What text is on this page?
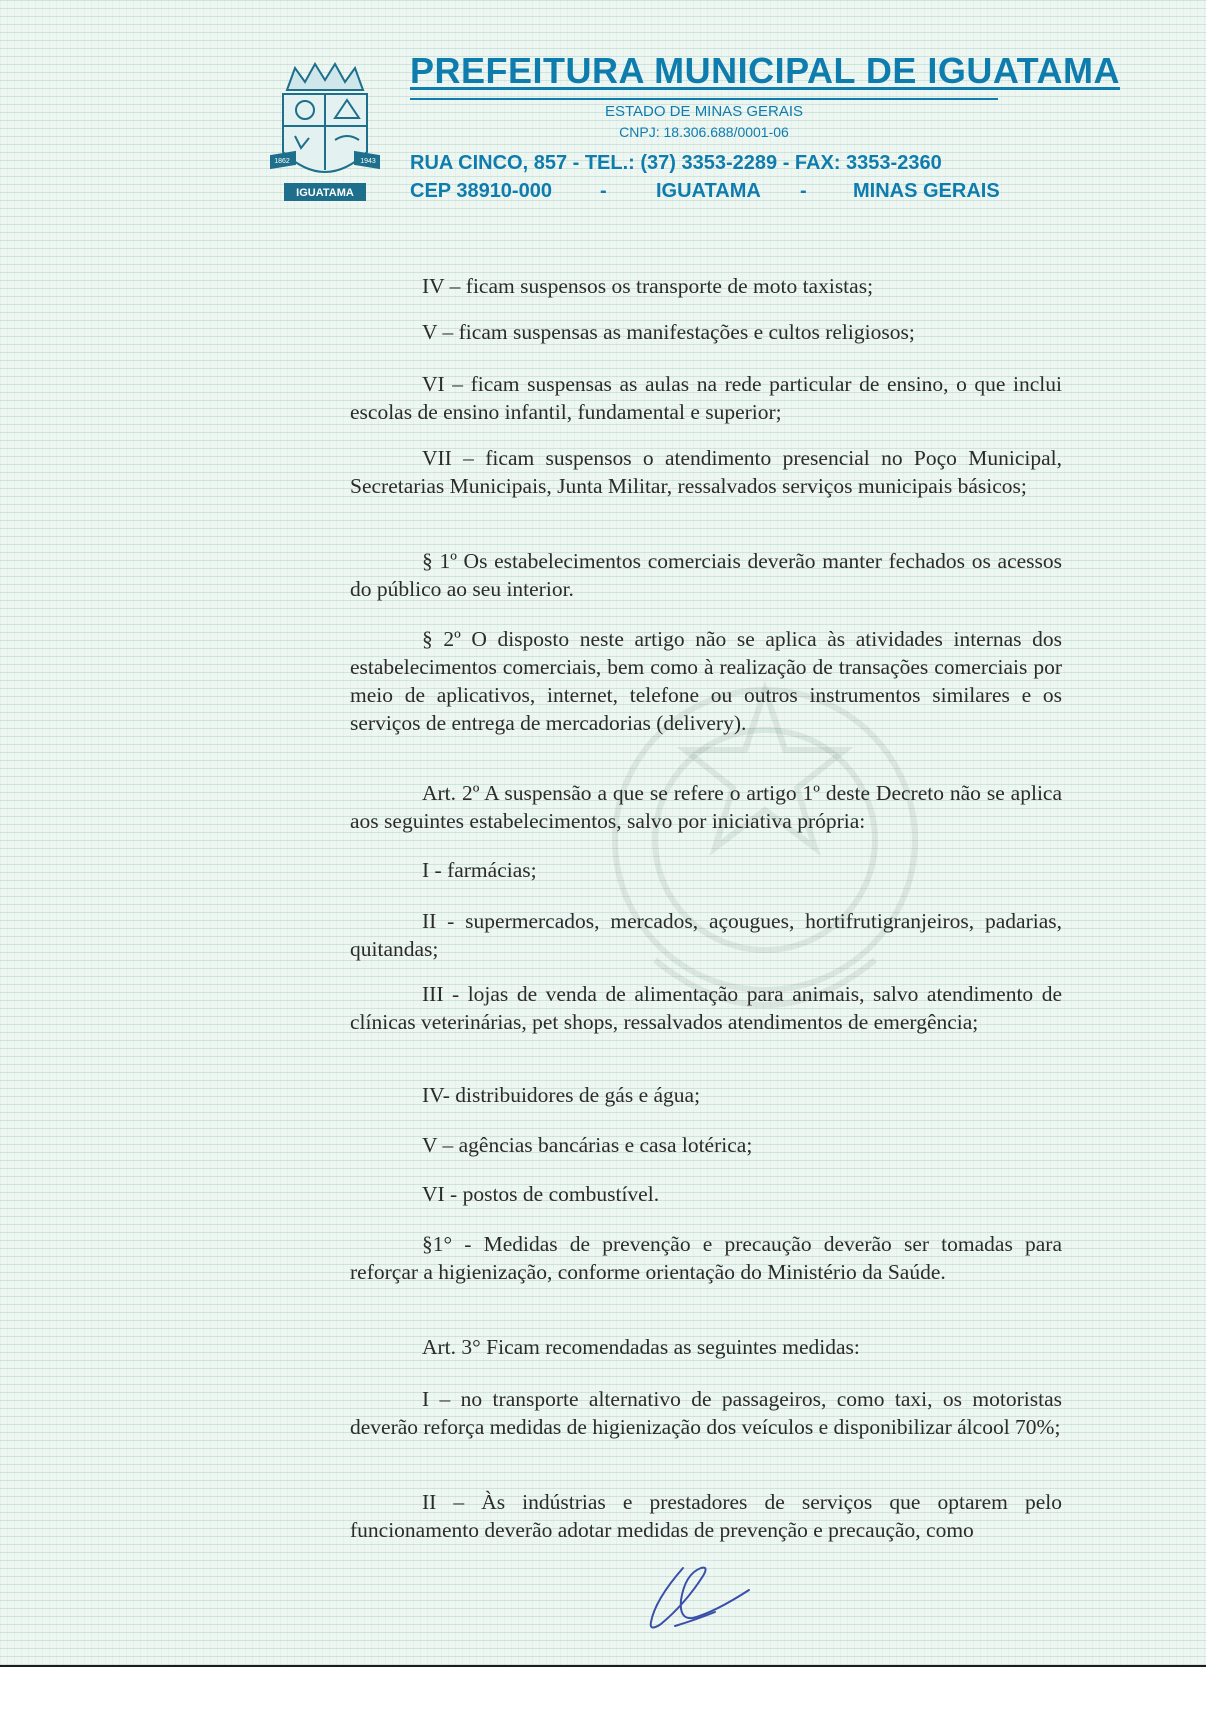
1862	1943
IGUATAMA
PREFEITURA MUNICIPAL DE IGUATAMA
ESTADO DE MINAS GERAIS
CNPJ: 18.306.688/0001-06
RUA CINCO, 857 - TEL.: (37) 3353-2289 - FAX: 3353-2360
CEP 38910-000 - IGUATAMA - MINAS GERAIS
IV – ficam suspensos os transporte de moto taxistas;
V – ficam suspensas as manifestações e cultos religiosos;
VI – ficam suspensas as aulas na rede particular de ensino, o que inclui escolas de ensino infantil, fundamental e superior;
VII – ficam suspensos o atendimento presencial no Poço Municipal, Secretarias Municipais, Junta Militar, ressalvados serviços municipais básicos;
§ 1º Os estabelecimentos comerciais deverão manter fechados os acessos do público ao seu interior.
§ 2º O disposto neste artigo não se aplica às atividades internas dos estabelecimentos comerciais, bem como à realização de transações comerciais por meio de aplicativos, internet, telefone ou outros instrumentos similares e os serviços de entrega de mercadorias (delivery).
Art. 2º A suspensão a que se refere o artigo 1º deste Decreto não se aplica aos seguintes estabelecimentos, salvo por iniciativa própria:
I - farmácias;
II - supermercados, mercados, açougues, hortifrutigranjeiros, padarias, quitandas;
III - lojas de venda de alimentação para animais, salvo atendimento de clínicas veterinárias, pet shops, ressalvados atendimentos de emergência;
IV- distribuidores de gás e água;
V – agências bancárias e casa lotérica;
VI - postos de combustível.
§1° - Medidas de prevenção e precaução deverão ser tomadas para reforçar a higienização, conforme orientação do Ministério da Saúde.
Art. 3° Ficam recomendadas as seguintes medidas:
I – no transporte alternativo de passageiros, como taxi, os motoristas deverão reforça medidas de higienização dos veículos e disponibilizar álcool 70%;
II – Às indústrias e prestadores de serviços que optarem pelo funcionamento deverão adotar medidas de prevenção e precaução, como
